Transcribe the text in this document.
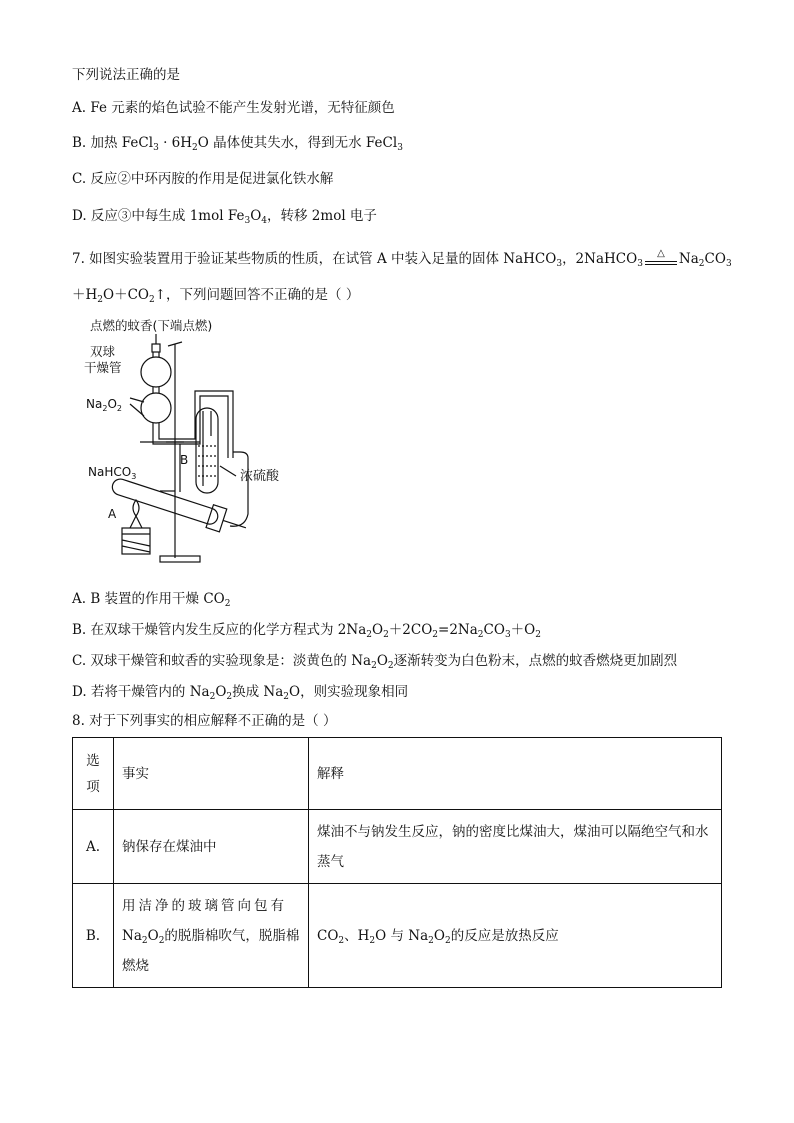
下列说法正确的是
A. Fe 元素的焰色试验不能产生发射光谱，无特征颜色
B. 加热 FeCl$_3$ · $6H_2O$ 晶体使其失水，得到无水 FeCl$_3$
C. 反应②中环丙胺的作用是促进氯化铁水解
D. 反应③中每生成 1mol $Fe_3O_4$，转移 2mol 电子
7. 如图实验装置用于验证某些物质的性质，在试管 A 中装入足量的固体 NaHCO$_3$，2NaHCO$_3$△ $Na_2CO_3$
$+H_2O+CO_2↑$，下列问题回答不正确的是（ ）
点燃的蚊香(下端点燃)
双球
干燥管
$Na_2O_2$
NaHCO$_3$
B
A
浓硫酸
A. B 装置的作用干燥 $CO_2$
B. 在双球干燥管内发生反应的化学方程式为 $2Na_2O_2+2CO_2=2Na_2CO_3+O_2$
C. 双球干燥管和蚊香的实验现象是：淡黄色的 $Na_2O_2$逐渐转变为白色粉末，点燃的蚊香燃烧更加剧烈
D. 若将干燥管内的 $Na_2O_2$换成 $Na_2O$，则实验现象相同
8. 对于下列事实的相应解释不正确的是（ ）
选项	事实	解释
A.	钠保存在煤油中	煤油不与钠发生反应，钠的密度比煤油大，煤油可以隔绝空气和水蒸气
B.	用洁净的玻璃管向包有
$Na_2O_2$的脱脂棉吹气，脱脂棉
燃烧	$CO_2$、$H_2O$ 与 $Na_2O_2$的反应是放热反应
